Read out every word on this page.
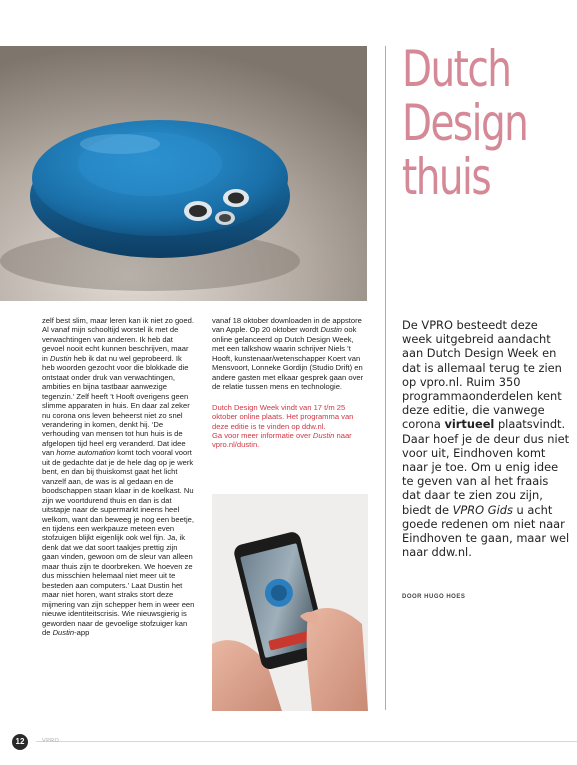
Dutch
Design
thuis

zelf best slim, maar leren kan ik niet zo goed. Al vanaf mijn schooltijd worstel ik met de verwachtingen van anderen. Ik heb dat gevoel nooit echt kunnen beschrijven, maar in Dustin heb ik dat nu wel geprobeerd. Ik heb woorden gezocht voor die blokkade die ontstaat onder druk van verwachtingen, ambities en bijna tastbaar aanwezige tegenzin.’ Zelf heeft ’t Hooft overigens geen slimme apparaten in huis. En daar zal zeker nu corona ons leven beheerst niet zo snel verandering in komen, denkt hij. ‘De verhouding van mensen tot hun huis is de afgelopen tijd heel erg veranderd. Dat idee van home automation komt toch vooral voort uit de gedachte dat je de hele dag op je werk bent, en dan bij thuiskomst gaat het licht vanzelf aan, de was is al gedaan en de boodschappen staan klaar in de koelkast. Nu zijn we voortdurend thuis en dan is dat uitstapje naar de supermarkt ineens heel welkom, want dan beweeg je nog een beetje, en tijdens een werkpauze meteen even stofzuigen blijkt eigenlijk ook wel fijn. Ja, ik denk dat we dat soort taakjes prettig zijn gaan vinden, gewoon om de sleur van alleen maar thuis zijn te doorbreken. We hoeven ze dus misschien helemaal niet meer uit te besteden aan computers.’ Laat Dustin het maar niet horen, want straks stort deze mijmering van zijn schepper hem in weer een nieuwe identiteitscrisis. Wie nieuwsgierig is geworden naar de gevoelige stofzuiger kan de Dustin-app

vanaf 18 oktober downloaden in de appstore van Apple. Op 20 oktober wordt Dustin ook online gelanceerd op Dutch Design Week, met een talkshow waarin schrijver Niels ’t Hooft, kunstenaar/wetenschapper Koert van Mensvoort, Lonneke Gordijn (Studio Drift) en andere gasten met elkaar gesprek gaan over de relatie tussen mens en technologie.

Dutch Design Week vindt van 17 t/m 25 oktober online plaats. Het programma van deze editie is te vinden op ddw.nl.
Ga voor meer informatie over Dustin naar vpro.nl/dustin.

De VPRO besteedt deze week uitgebreid aandacht aan Dutch Design Week en dat is allemaal terug te zien op vpro.nl. Ruim 350 programmaonderdelen kent deze editie, die vanwege corona virtueel plaatsvindt. Daar hoef je de deur dus niet voor uit, Eindhoven komt naar je toe. Om u enig idee te geven van al het fraais dat daar te zien zou zijn, biedt de VPRO Gids u acht goede redenen om niet naar Eindhoven te gaan, maar wel naar ddw.nl.
DOOR HUGO HOES
12	VPRO
